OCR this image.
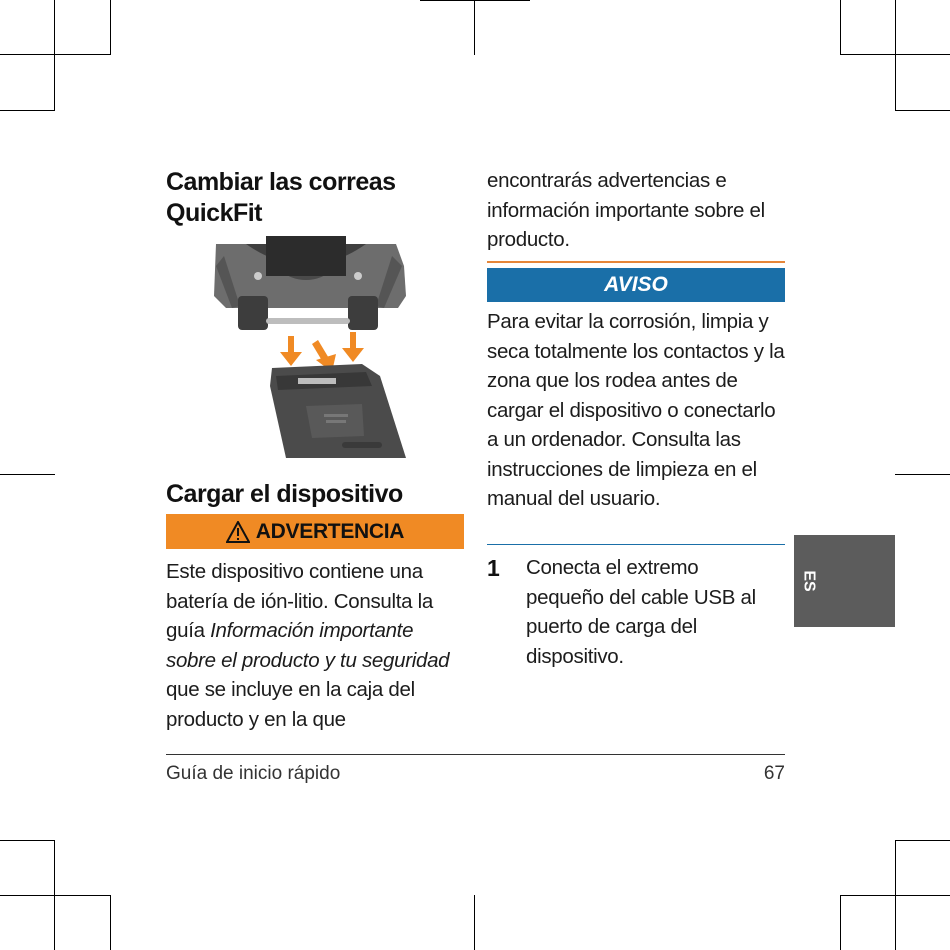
Cambiar las correas QuickFit
Cargar el dispositivo
ADVERTENCIA
Este dispositivo contiene una batería de ión-litio. Consulta la guía Información importante sobre el producto y tu seguridad que se incluye en la caja del producto y en la que
encontrarás advertencias e información importante sobre el producto.
AVISO
Para evitar la corrosión, limpia y seca totalmente los contactos y la zona que los rodea antes de cargar el dispositivo o conectarlo a un ordenador. Consulta las instrucciones de limpieza en el manual del usuario.
1 Conecta el extremo pequeño del cable USB al puerto de carga del dispositivo.
Guía de inicio rápido	67
ES
